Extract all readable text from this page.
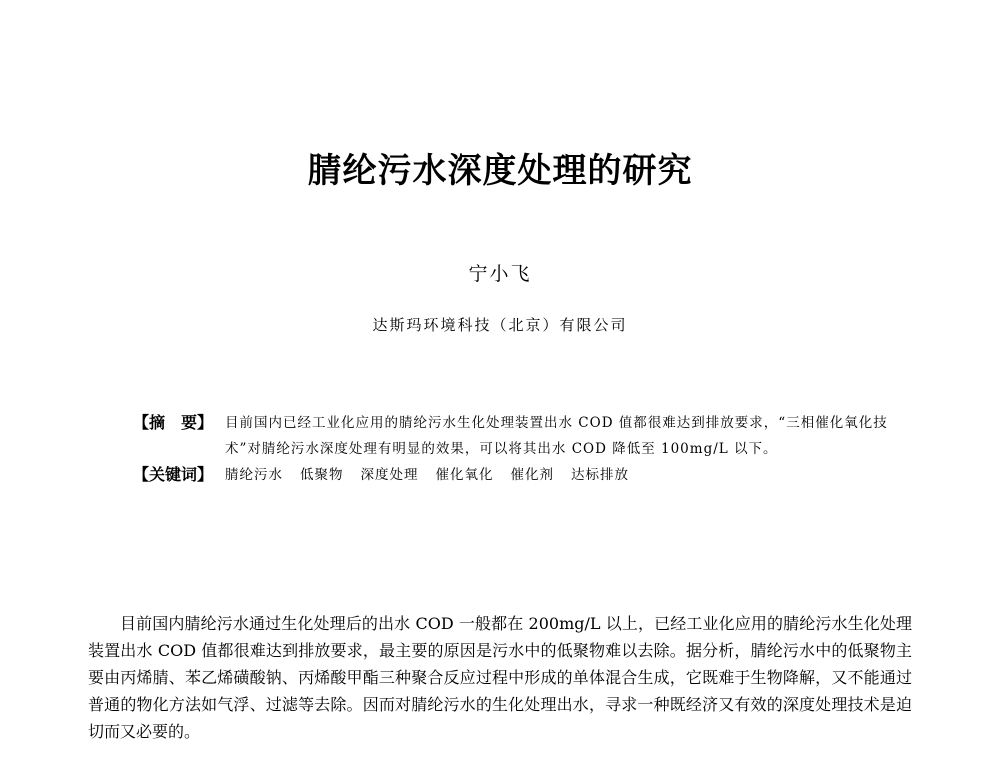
腈纶污水深度处理的研究
宁小飞
达斯玛环境科技（北京）有限公司
【摘　要】 目前国内已经工业化应用的腈纶污水生化处理装置出水 COD 值都很难达到排放要求，“三相催化氧化技术”对腈纶污水深度处理有明显的效果，可以将其出水 COD 降低至 100mg/L 以下。
【关键词】 腈纶污水 低聚物 深度处理 催化氧化 催化剂 达标排放

目前国内腈纶污水通过生化处理后的出水 COD 一般都在 200mg/L 以上，已经工业化应用的腈纶污水生化处理装置出水 COD 值都很难达到排放要求，最主要的原因是污水中的低聚物难以去除。据分析，腈纶污水中的低聚物主要由丙烯腈、苯乙烯磺酸钠、丙烯酸甲酯三种聚合反应过程中形成的单体混合生成，它既难于生物降解，又不能通过普通的物化方法如气浮、过滤等去除。因而对腈纶污水的生化处理出水，寻求一种既经济又有效的深度处理技术是迫切而又必要的。
